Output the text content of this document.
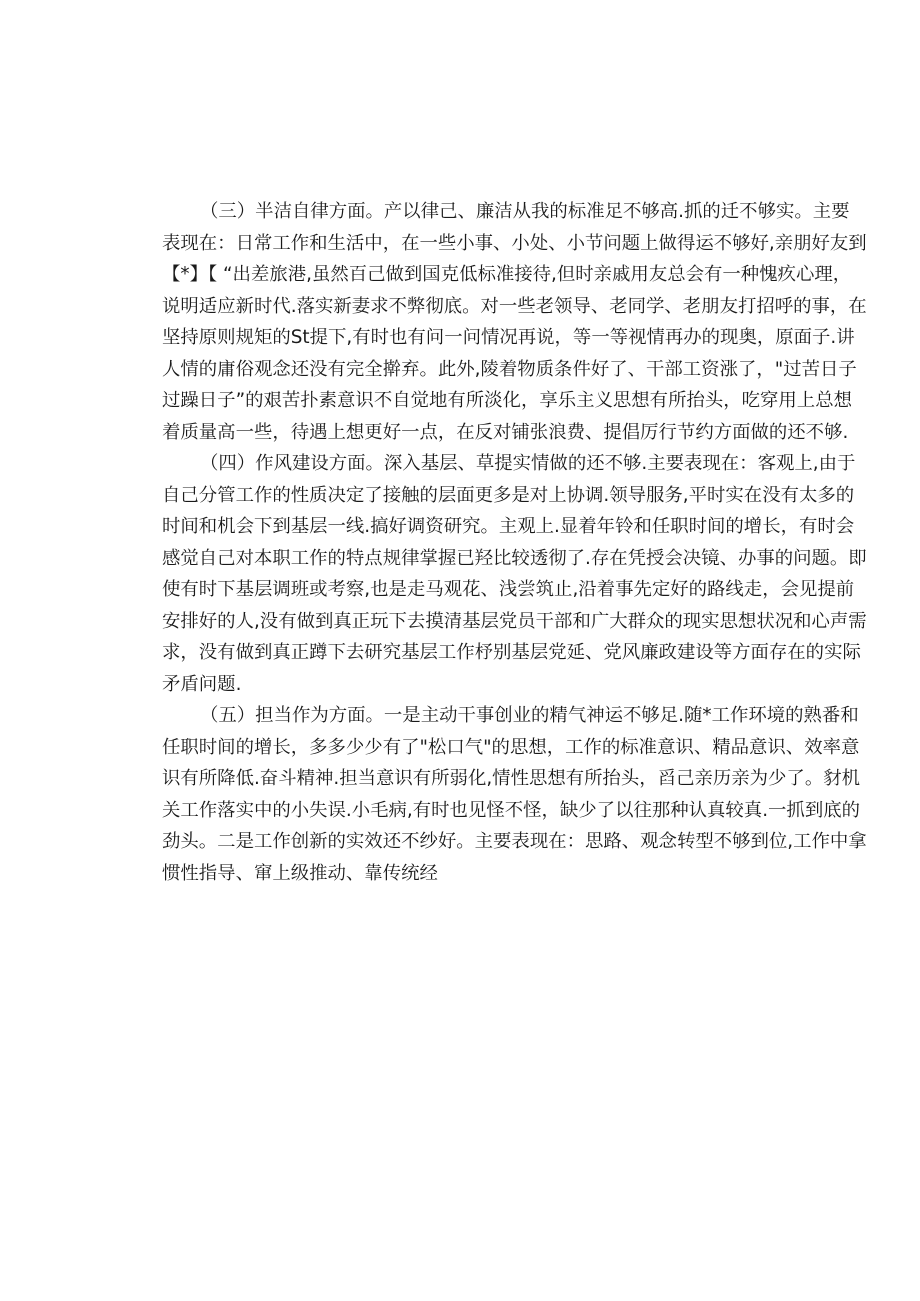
（三）半洁自律方面。产以律己、廉洁从我的标准足不够高.抓的迁不够实。主要
表现在：日常工作和生活中，在一些小事、小处、小节问题上做得运不够好,亲朋好友到
【*】【 “出差旅港,虽然百己做到国克低标准接待,但时亲戚用友总会有一种愧疚心理，
说明适应新时代.落实新妻求不弊彻底。对一些老领导、老同学、老朋友打招呼的事，在
坚持原则规矩的St提下,有时也有问一问情况再说，等一等视情再办的现奥，原面子.讲
人情的庸俗观念还没有完全擀弃。此外,陵着物质条件好了、干部工资涨了，"过苦日子
过躁日子”的艰苦扑素意识不自觉地有所淡化，享乐主义思想有所抬头，吃穿用上总想
着质量高一些，待遇上想更好一点，在反对铺张浪费、提倡厉行节约方面做的还不够.
（四）作风建设方面。深入基层、草提实情做的还不够.主要表现在：客观上,由于
自己分管工作的性质决定了接触的层面更多是对上协调.领导服务,平时实在没有太多的
时间和机会下到基层一线.搞好调资研究。主观上.显着年铃和任职时间的增长，有时会
感觉自己对本职工作的特点规律掌握已羟比较透彻了.存在凭授会决镜、办事的问题。即
使有时下基层调班或考察,也是走马观花、浅尝筑止,沿着事先定好的路线走，会见提前
安排好的人,没有做到真正玩下去摸清基层党员干部和广大群众的现实思想状况和心声需
求，没有做到真正蹲下去研究基层工作杼别基层党延、党风廉政建设等方面存在的实际
矛盾问题.
（五）担当作为方面。一是主动干事创业的精气神运不够足.随*工作环境的熟番和
任职时间的增长，多多少少有了"松口气"的思想，工作的标准意识、精品意识、效率意
识有所降低.奋斗精神.担当意识有所弱化,情性思想有所抬头，舀己亲历亲为少了。豺机
关工作落实中的小失误.小毛病,有时也见怪不怪，缺少了以往那种认真较真.一抓到底的
劲头。二是工作创新的实效还不纱好。主要表现在：思路、观念转型不够到位,工作中拿
惯性指导、窜上级推动、靠传统经
